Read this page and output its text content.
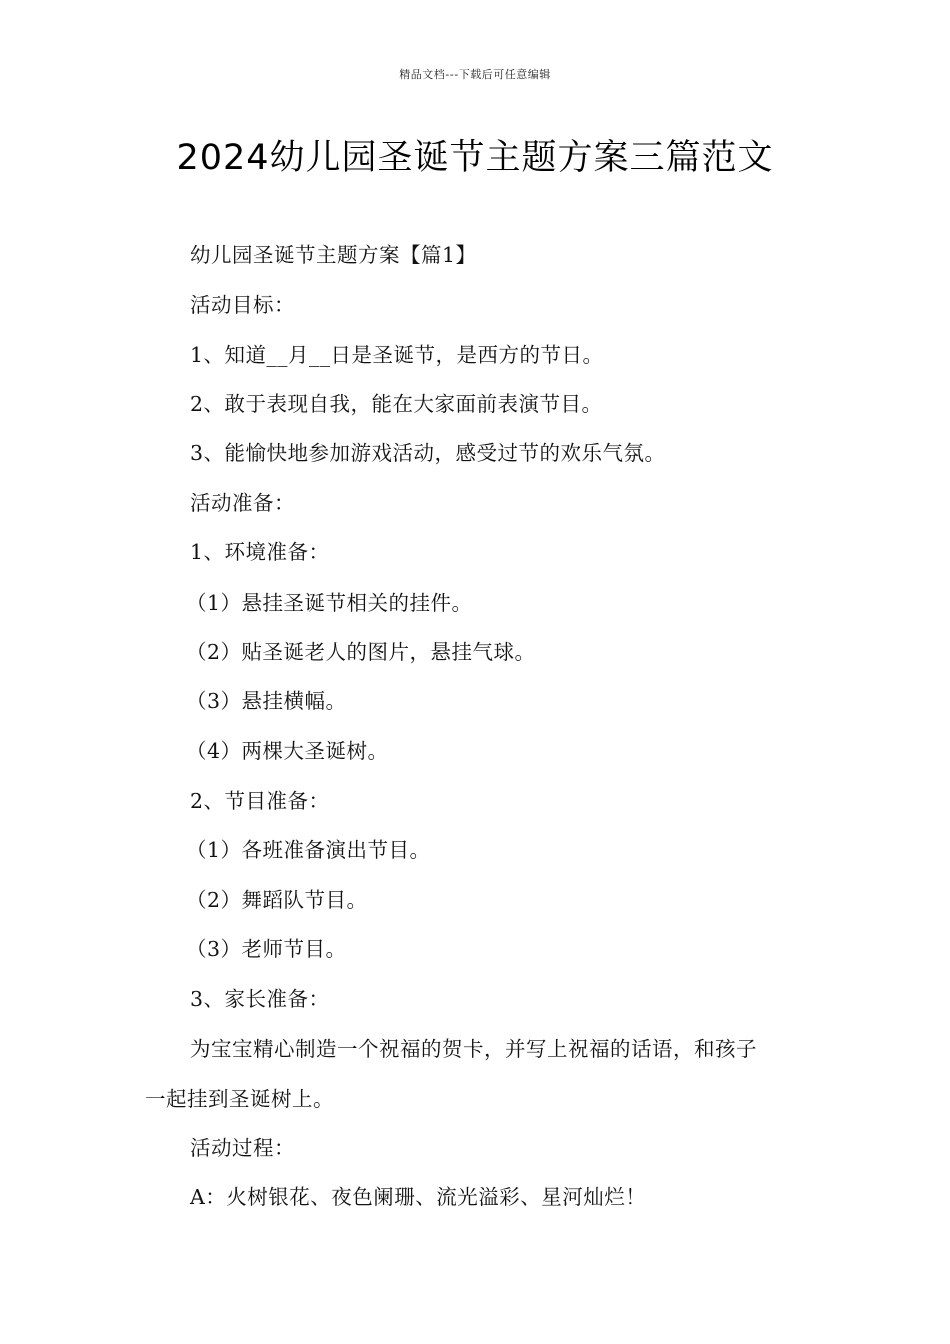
精品文档---下载后可任意编辑
2024幼儿园圣诞节主题方案三篇范文
幼儿园圣诞节主题方案【篇1】
活动目标：
1、知道__月__日是圣诞节，是西方的节日。
2、敢于表现自我，能在大家面前表演节目。
3、能愉快地参加游戏活动，感受过节的欢乐气氛。
活动准备：
1、环境准备：
（1）悬挂圣诞节相关的挂件。
（2）贴圣诞老人的图片，悬挂气球。
（3）悬挂横幅。
（4）两棵大圣诞树。
2、节目准备：
（1）各班准备演出节目。
（2）舞蹈队节目。
（3）老师节目。
3、家长准备：
为宝宝精心制造一个祝福的贺卡，并写上祝福的话语，和孩子
一起挂到圣诞树上。
活动过程：
A：火树银花、夜色阑珊、流光溢彩、星河灿烂！
